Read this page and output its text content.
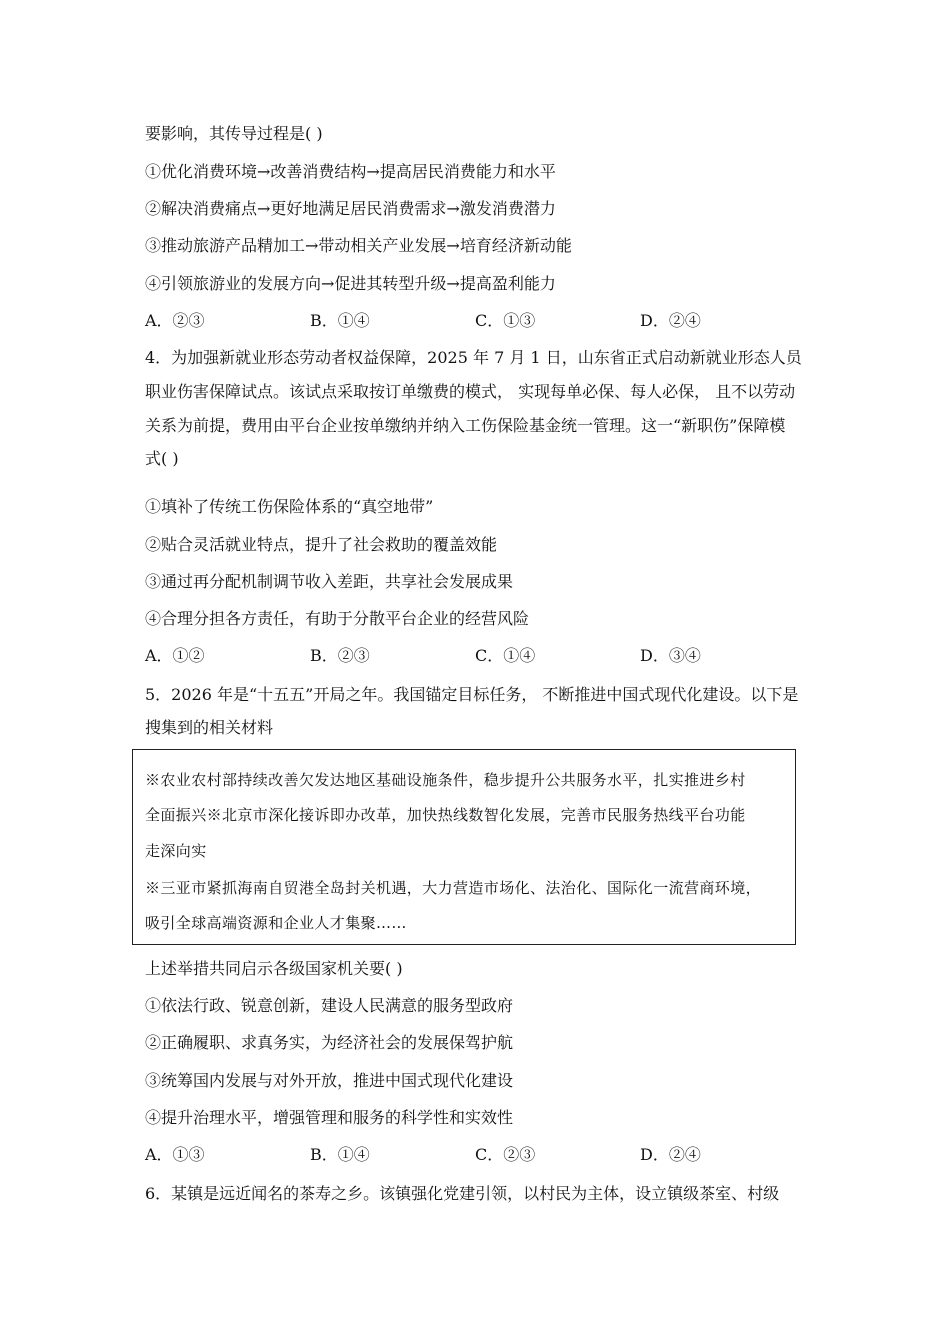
要影响，其传导过程是( )
①优化消费环境→改善消费结构→提高居民消费能力和水平
②解决消费痛点→更好地满足居民消费需求→激发消费潜力
③推动旅游产品精加工→带动相关产业发展→培育经济新动能
④引领旅游业的发展方向→促进其转型升级→提高盈利能力
A．②③	B．①④	C．①③	D．②④
4．为加强新就业形态劳动者权益保障，2025 年 7 月 1 日，山东省正式启动新就业形态人员
职业伤害保障试点。该试点采取按订单缴费的模式， 实现每单必保、每人必保， 且不以劳动
关系为前提，费用由平台企业按单缴纳并纳入工伤保险基金统一管理。这一“新职伤”保障模
式( )
①填补了传统工伤保险体系的“真空地带”
②贴合灵活就业特点，提升了社会救助的覆盖效能
③通过再分配机制调节收入差距，共享社会发展成果
④合理分担各方责任，有助于分散平台企业的经营风险
A．①②	B．②③	C．①④	D．③④
5．2026 年是“十五五”开局之年。我国锚定目标任务， 不断推进中国式现代化建设。以下是
搜集到的相关材料
※农业农村部持续改善欠发达地区基础设施条件，稳步提升公共服务水平，扎实推进乡村
全面振兴※北京市深化接诉即办改革，加快热线数智化发展，完善市民服务热线平台功能
走深向实
※三亚市紧抓海南自贸港全岛封关机遇，大力营造市场化、法治化、国际化一流营商环境，
吸引全球高端资源和企业人才集聚……
上述举措共同启示各级国家机关要( )
①依法行政、锐意创新，建设人民满意的服务型政府
②正确履职、求真务实，为经济社会的发展保驾护航
③统筹国内发展与对外开放，推进中国式现代化建设
④提升治理水平，增强管理和服务的科学性和实效性
A．①③	B．①④	C．②③	D．②④
6．某镇是远近闻名的茶寿之乡。该镇强化党建引领，以村民为主体，设立镇级茶室、村级
